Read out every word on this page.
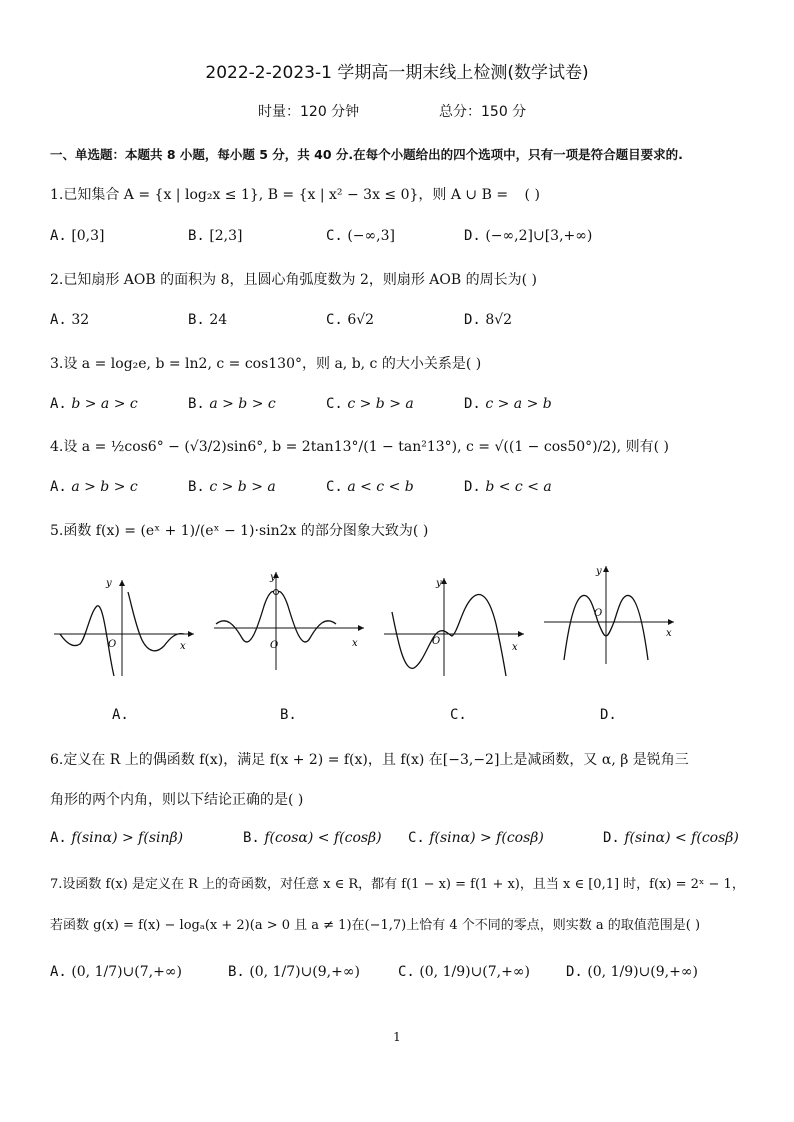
2022-2-2023-1 学期高一期末线上检测(数学试卷)
时量：120 分钟	总分：150 分
一、单选题：本题共 8 小题，每小题 5 分，共 40 分.在每个小题给出的四个选项中，只有一项是符合题目要求的.
1.已知集合 A = {x | log₂x ≤ 1}, B = {x | x² − 3x ≤ 0}，则 A ∪ B = ( )
A. [0,3]	B. [2,3]	C. (−∞,3]	D. (−∞,2]∪[3,+∞)
2.已知扇形 AOB 的面积为 8，且圆心角弧度数为 2，则扇形 AOB 的周长为( )
A. 32	B. 24	C. 6√2	D. 8√2
3.设 a = log₂e, b = ln2, c = cos130°，则 a, b, c 的大小关系是( )
A. b > a > c	B. a > b > c	C. c > b > a	D. c > a > b
4.设 a = ½cos6° − (√3/2)sin6°, b = 2tan13°/(1 − tan²13°), c = √((1 − cos50°)/2), 则有( )
A. a > b > c	B. c > b > a	C. a < c < b	D. b < c < a
5.函数 f(x) = (eˣ + 1)/(eˣ − 1)·sin2x 的部分图象大致为( )
x
y
O
A.
x
y
O
B.
x
y
O
C.
x
y
O
D.
6.定义在 R 上的偶函数 f(x)，满足 f(x + 2) = f(x)，且 f(x) 在[−3,−2]上是减函数，又 α, β 是锐角三
角形的两个内角，则以下结论正确的是( )
A. f(sinα) > f(sinβ)	B. f(cosα) < f(cosβ) C. f(sinα) > f(cosβ)	D. f(sinα) < f(cosβ)
7.设函数 f(x) 是定义在 R 上的奇函数，对任意 x ∈ R，都有 f(1 − x) = f(1 + x)，且当 x ∈ [0,1] 时，f(x) = 2ˣ − 1，
若函数 g(x) = f(x) − logₐ(x + 2)(a > 0 且 a ≠ 1)在(−1,7)上恰有 4 个不同的零点，则实数 a 的取值范围是( )
A. (0, 1/7)∪(7,+∞)	B. (0, 1/7)∪(9,+∞)	C. (0, 1/9)∪(7,+∞)	D. (0, 1/9)∪(9,+∞)
1
